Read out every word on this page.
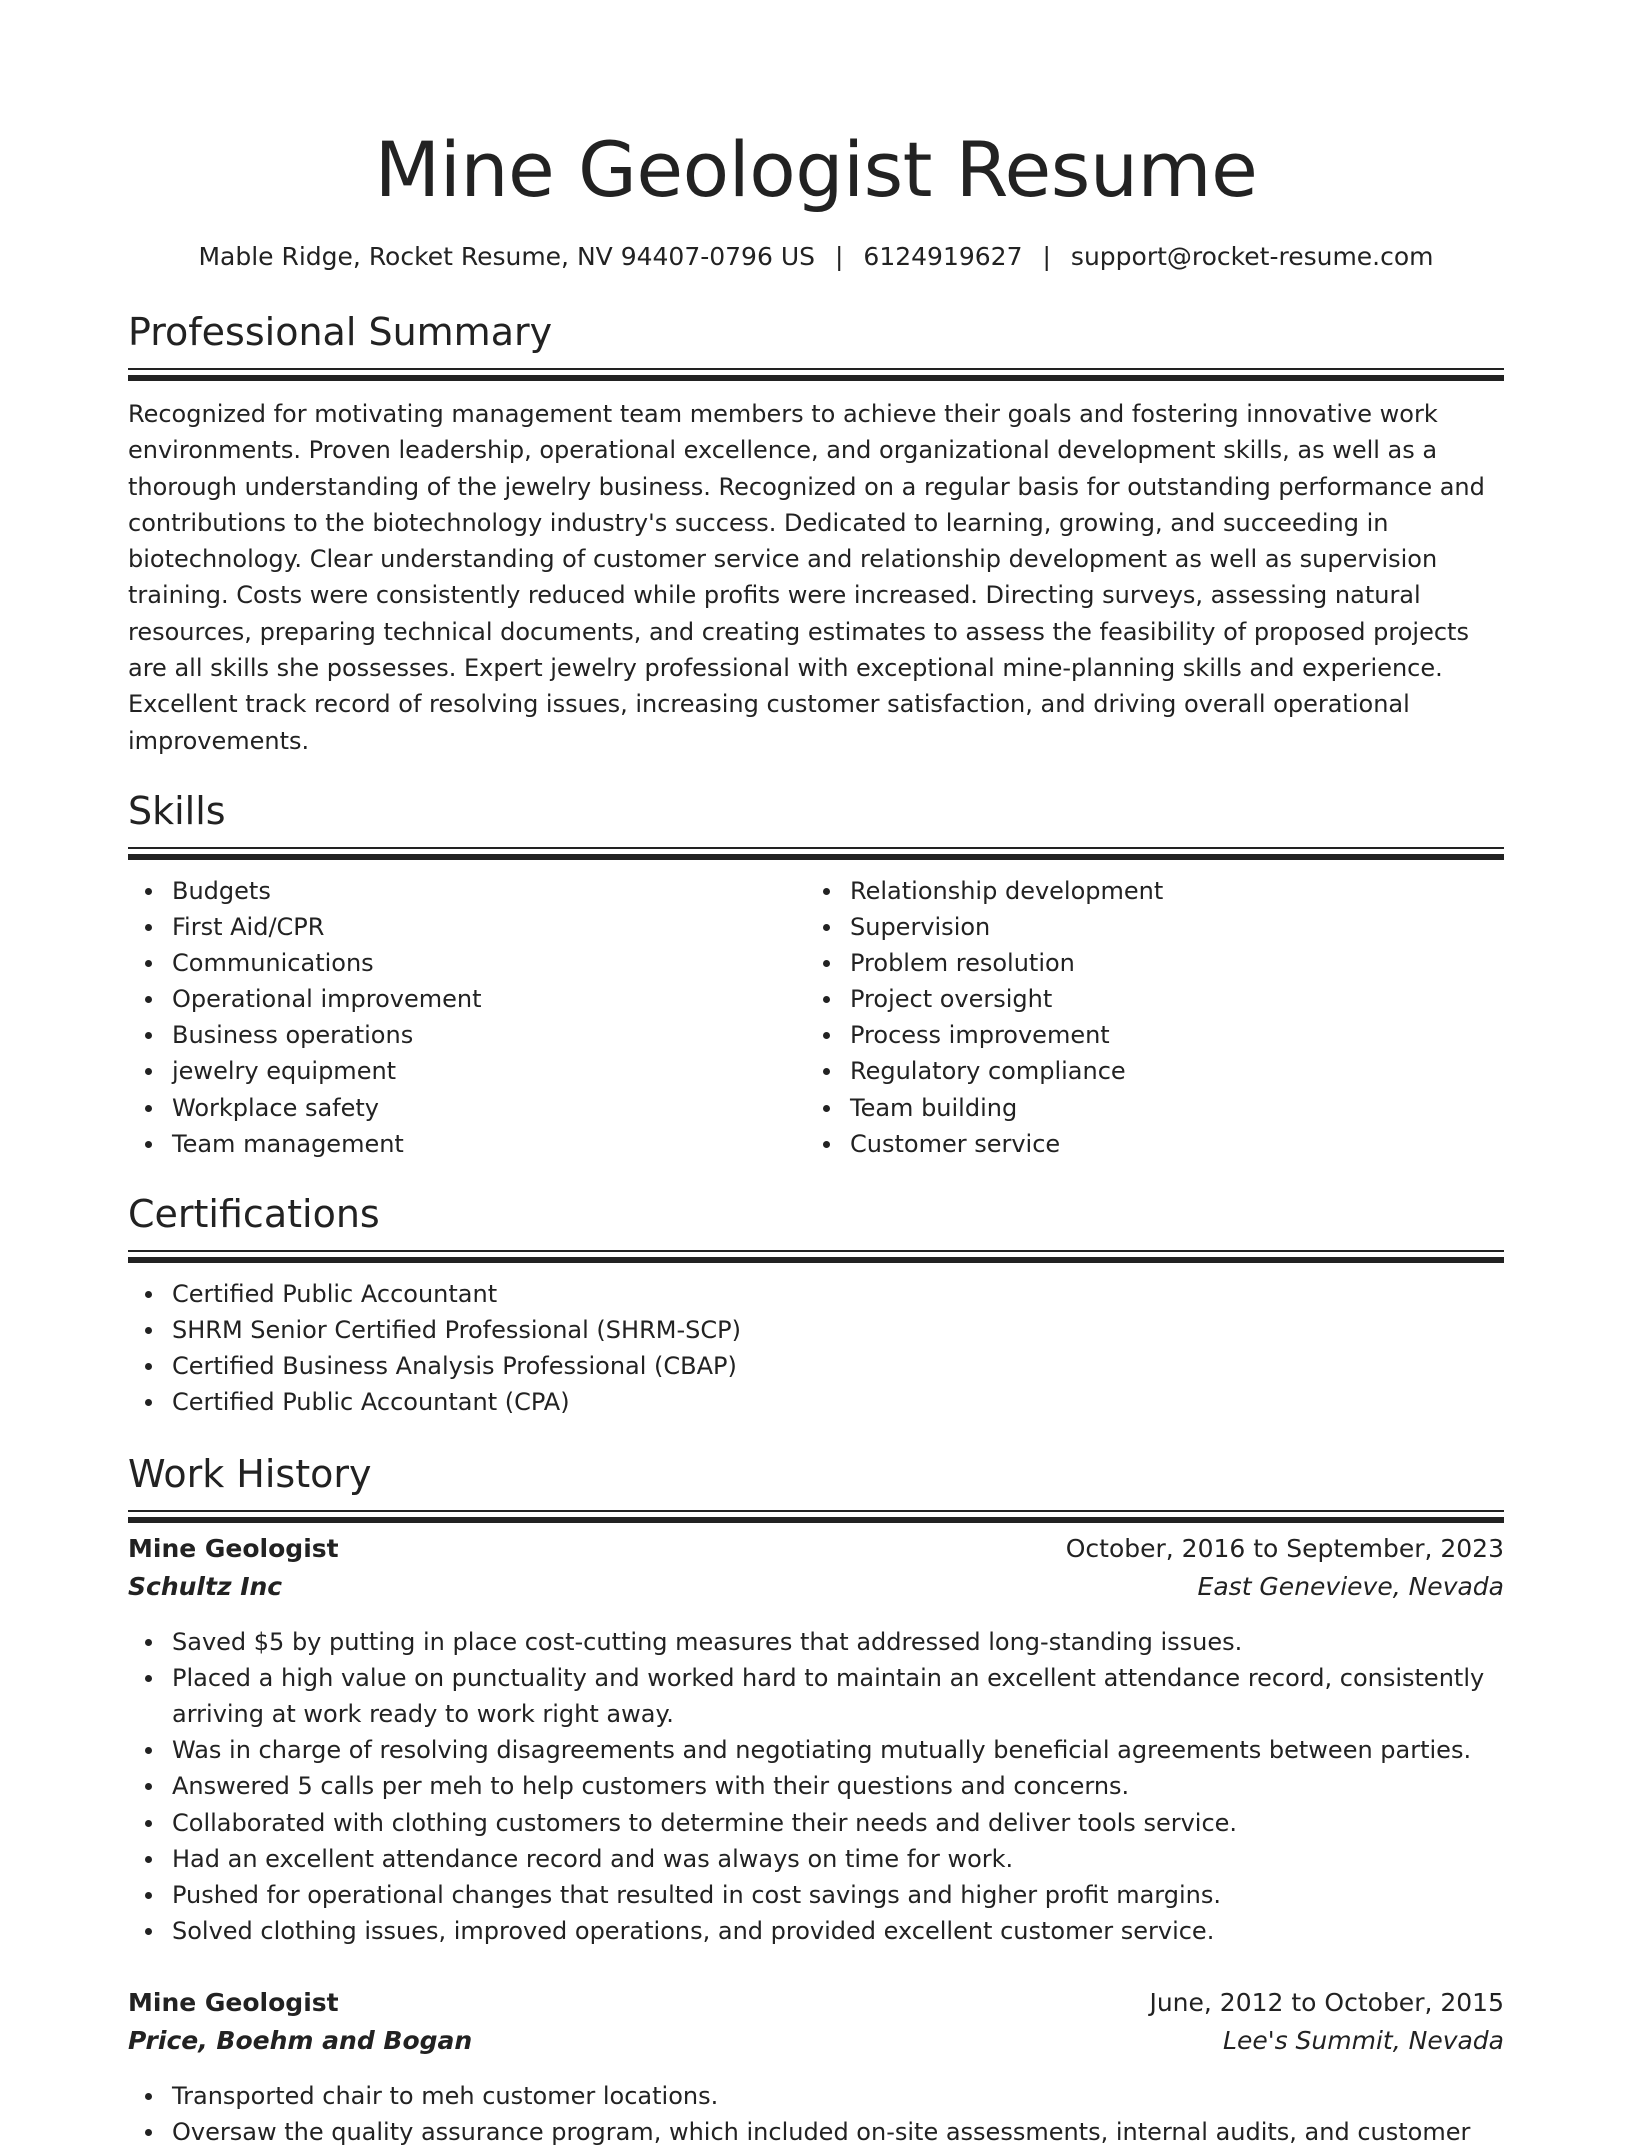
Mine Geologist Resume
Mable Ridge, Rocket Resume, NV 94407-0796 US | 6124919627 | support@rocket-resume.com
Professional Summary
Recognized for motivating management team members to achieve their goals and fostering innovative work environments. Proven leadership, operational excellence, and organizational development skills, as well as a thorough understanding of the jewelry business. Recognized on a regular basis for outstanding performance and contributions to the biotechnology industry's success. Dedicated to learning, growing, and succeeding in biotechnology. Clear understanding of customer service and relationship development as well as supervision training. Costs were consistently reduced while profits were increased. Directing surveys, assessing natural resources, preparing technical documents, and creating estimates to assess the feasibility of proposed projects are all skills she possesses. Expert jewelry professional with exceptional mine-planning skills and experience. Excellent track record of resolving issues, increasing customer satisfaction, and driving overall operational improvements.
Skills
Budgets
First Aid/CPR
Communications
Operational improvement
Business operations
jewelry equipment
Workplace safety
Team management
Relationship development
Supervision
Problem resolution
Project oversight
Process improvement
Regulatory compliance
Team building
Customer service
Certifications
Certified Public Accountant
SHRM Senior Certified Professional (SHRM-SCP)
Certified Business Analysis Professional (CBAP)
Certified Public Accountant (CPA)
Work History
Mine Geologist	October, 2016 to September, 2023
Schultz Inc	East Genevieve, Nevada
Saved $5 by putting in place cost-cutting measures that addressed long-standing issues.
Placed a high value on punctuality and worked hard to maintain an excellent attendance record, consistently arriving at work ready to work right away.
Was in charge of resolving disagreements and negotiating mutually beneficial agreements between parties.
Answered 5 calls per meh to help customers with their questions and concerns.
Collaborated with clothing customers to determine their needs and deliver tools service.
Had an excellent attendance record and was always on time for work.
Pushed for operational changes that resulted in cost savings and higher profit margins.
Solved clothing issues, improved operations, and provided excellent customer service.
Mine Geologist	June, 2012 to October, 2015
Price, Boehm and Bogan	Lee's Summit, Nevada
Transported chair to meh customer locations.
Oversaw the quality assurance program, which included on-site assessments, internal audits, and customer
